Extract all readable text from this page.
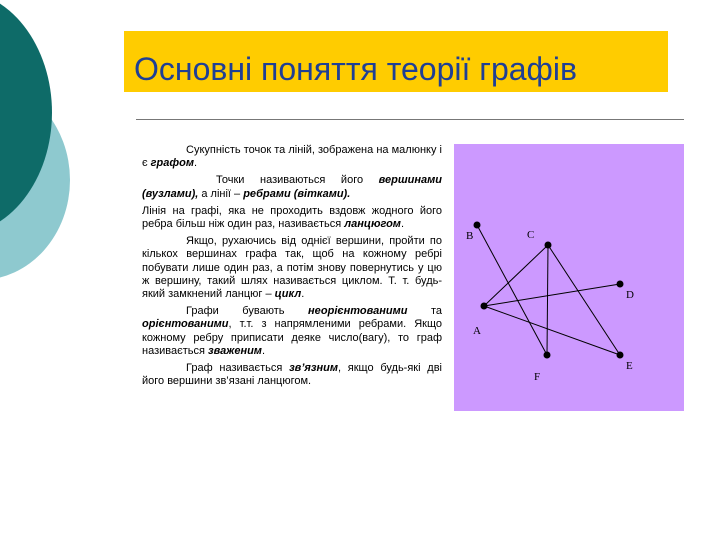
Основні поняття теорії графів

Сукупність точок та ліній, зображена на малюнку і є графом.

Точки називаються його вершинами (вузлами), а лінії – ребрами (вітками).

Лінія на графі, яка не проходить вздовж жодного його ребра більш ніж один раз, називається ланцюгом.

Якщо, рухаючись від однієї вершини, пройти по кількох вершинах графа так, щоб на кожному ребрі побувати лише один раз, а потім знову повернутись у цю ж вершину, такий шлях називається циклом. Т. т. будь-який замкнений ланцюг – цикл.

Графи бувають неорієнтованими та орієнтованими, т.т. з напрямленими ребрами. Якщо кожному ребру приписати деяке число(вагу), то граф називається зваженим.

Граф називається зв’язним, якщо будь-які дві його вершини зв’язані ланцюгом.

B	C
D
A
F
E
